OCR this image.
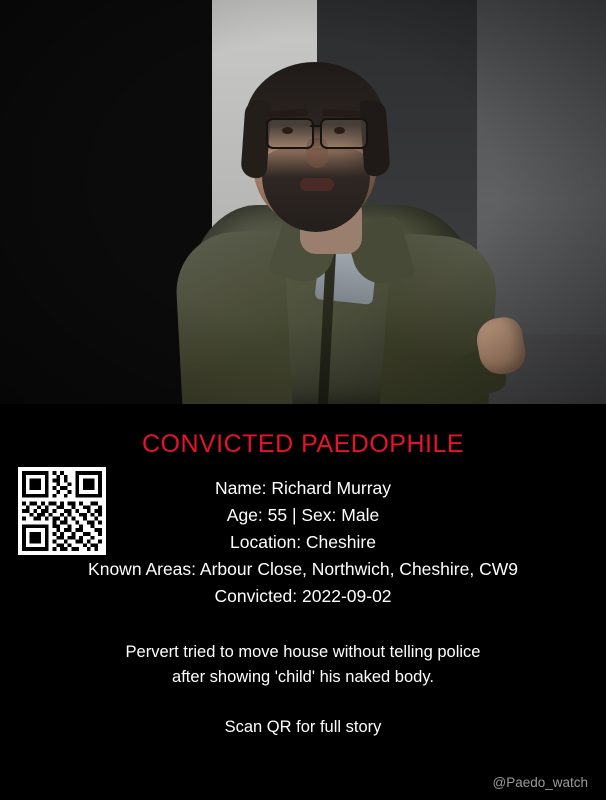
CONVICTED PAEDOPHILE
Name: Richard Murray
Age: 55 | Sex: Male
Location: Cheshire
Known Areas: Arbour Close, Northwich, Cheshire, CW9
Convicted: 2022-09-02
Pervert tried to move house without telling police
after showing 'child' his naked body.
Scan QR for full story
@Paedo_watch
